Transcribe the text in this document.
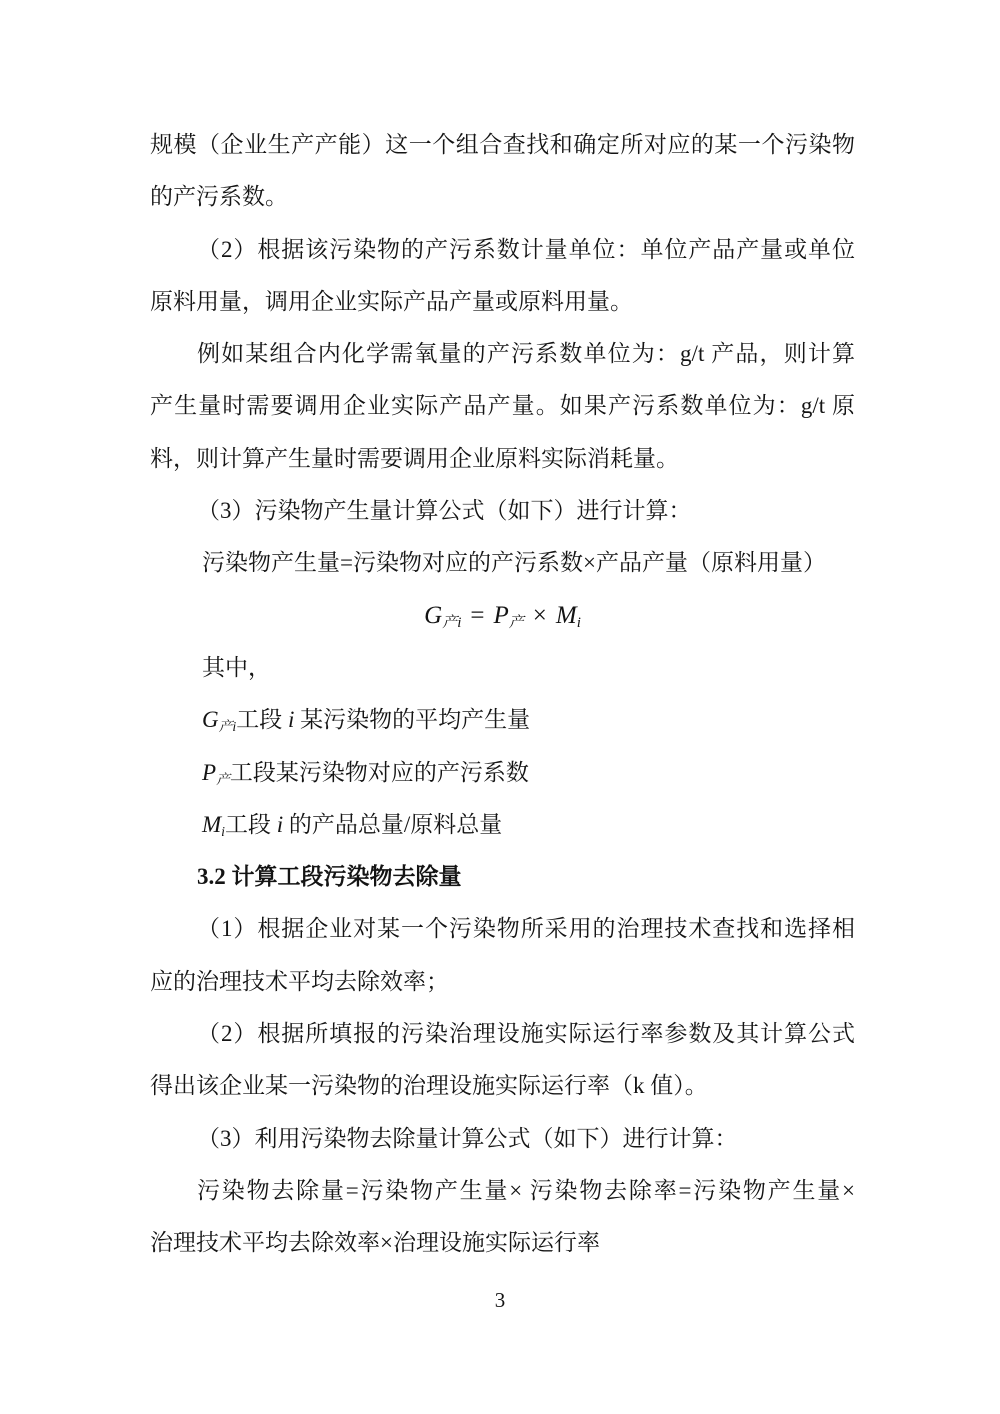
规模（企业生产产能）这一个组合查找和确定所对应的某一个污染物
的产污系数。
（2）根据该污染物的产污系数计量单位：单位产品产量或单位
原料用量，调用企业实际产品产量或原料用量。
例如某组合内化学需氧量的产污系数单位为：g/t 产品，则计算
产生量时需要调用企业实际产品产量。如果产污系数单位为：g/t 原
料，则计算产生量时需要调用企业原料实际消耗量。
（3）污染物产生量计算公式（如下）进行计算：
污染物产生量=污染物对应的产污系数×产品产量（原料用量）
G产i = P产 × Mi
其中，
G产i工段 i 某污染物的平均产生量
P产工段某污染物对应的产污系数
Mi工段 i 的产品总量/原料总量
3.2 计算工段污染物去除量
（1）根据企业对某一个污染物所采用的治理技术查找和选择相
应的治理技术平均去除效率；
（2）根据所填报的污染治理设施实际运行率参数及其计算公式
得出该企业某一污染物的治理设施实际运行率（k 值）。
（3）利用污染物去除量计算公式（如下）进行计算：
污染物去除量=污染物产生量× 污染物去除率=污染物产生量×
治理技术平均去除效率×治理设施实际运行率
3
